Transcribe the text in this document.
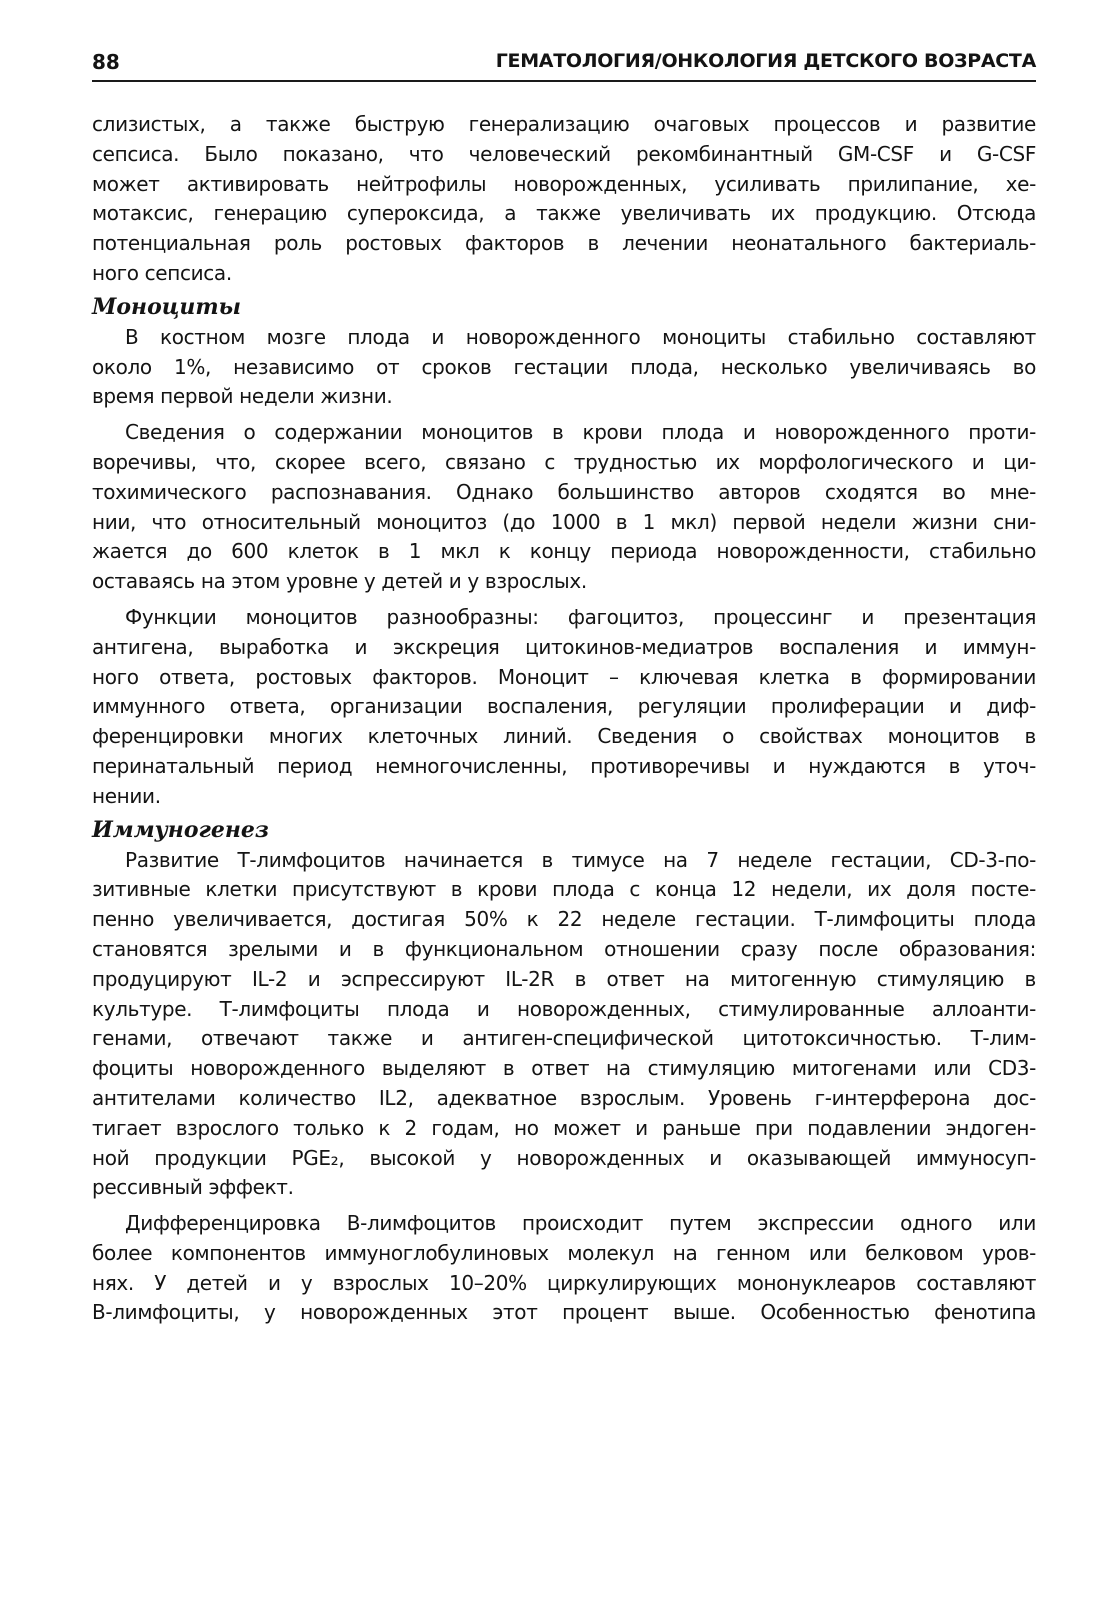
88	ГЕМАТОЛОГИЯ/ОНКОЛОГИЯ ДЕТСКОГО ВОЗРАСТА
слизистых, а также быструю генерализацию очаговых процессов и развитие
сепсиса. Было показано, что человеческий рекомбинантный GM-CSF и G-CSF
может активировать нейтрофилы новорожденных, усиливать прилипание, хе-
мотаксис, генерацию супероксида, а также увеличивать их продукцию. Отсюда
потенциальная роль ростовых факторов в лечении неонатального бактериаль-
ного сепсиса.
Моноциты
В костном мозге плода и новорожденного моноциты стабильно составляют
около 1%, независимо от сроков гестации плода, несколько увеличиваясь во
время первой недели жизни.
Сведения о содержании моноцитов в крови плода и новорожденного проти-
воречивы, что, скорее всего, связано с трудностью их морфологического и ци-
тохимического распознавания. Однако большинство авторов сходятся во мне-
нии, что относительный моноцитоз (до 1000 в 1 мкл) первой недели жизни сни-
жается до 600 клеток в 1 мкл к концу периода новорожденности, стабильно
оставаясь на этом уровне у детей и у взрослых.
Функции моноцитов разнообразны: фагоцитоз, процессинг и презентация
антигена, выработка и экскреция цитокинов-медиатров воспаления и иммун-
ного ответа, ростовых факторов. Моноцит – ключевая клетка в формировании
иммунного ответа, организации воспаления, регуляции пролиферации и диф-
ференцировки многих клеточных линий. Сведения о свойствах моноцитов в
перинатальный период немногочисленны, противоречивы и нуждаются в уточ-
нении.
Иммуногенез
Развитие Т-лимфоцитов начинается в тимусе на 7 неделе гестации, CD-3-по-
зитивные клетки присутствуют в крови плода с конца 12 недели, их доля посте-
пенно увеличивается, достигая 50% к 22 неделе гестации. Т-лимфоциты плода
становятся зрелыми и в функциональном отношении сразу после образования:
продуцируют IL-2 и эспрессируют IL-2R в ответ на митогенную стимуляцию в
культуре. Т-лимфоциты плода и новорожденных, стимулированные аллоанти-
генами, отвечают также и антиген-специфической цитотоксичностью. Т-лим-
фоциты новорожденного выделяют в ответ на стимуляцию митогенами или CD3-
антителами количество IL2, адекватное взрослым. Уровень г-интерферона дос-
тигает взрослого только к 2 годам, но может и раньше при подавлении эндоген-
ной продукции PGE₂, высокой у новорожденных и оказывающей иммуносуп-
рессивный эффект.
Дифференцировка В-лимфоцитов происходит путем экспрессии одного или
более компонентов иммуноглобулиновых молекул на генном или белковом уров-
нях. У детей и у взрослых 10–20% циркулирующих мононуклеаров составляют
В-лимфоциты, у новорожденных этот процент выше. Особенностью фенотипа
